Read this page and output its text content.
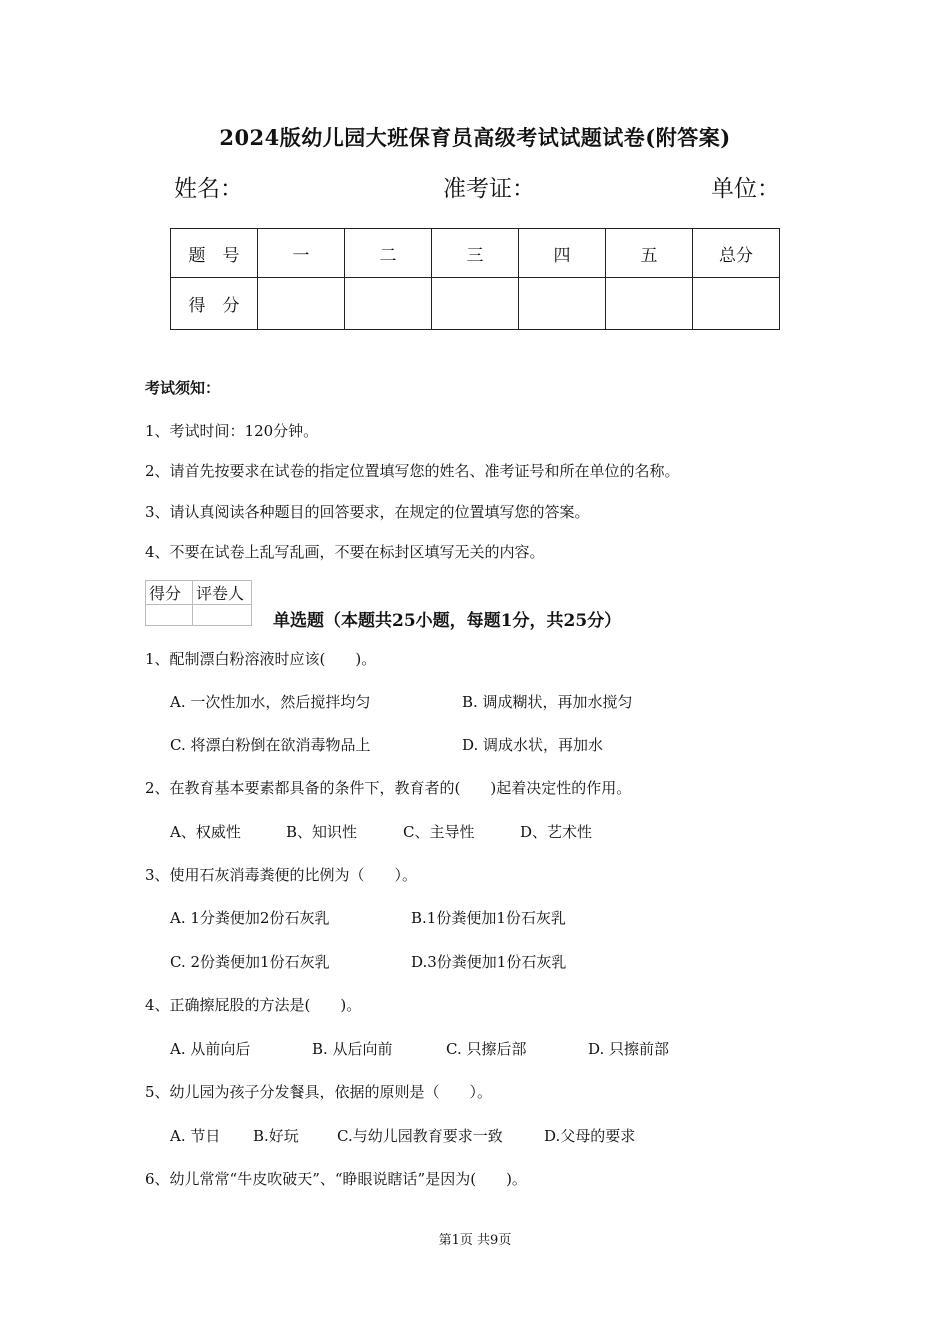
2024版幼儿园大班保育员高级考试试题试卷(附答案)
姓名：	准考证：	单位：
题　号	一	二	三	四	五	总分
得　分						
考试须知：
1、考试时间：120分钟。
2、请首先按要求在试卷的指定位置填写您的姓名、准考证号和所在单位的名称。
3、请认真阅读各种题目的回答要求，在规定的位置填写您的答案。
4、不要在试卷上乱写乱画，不要在标封区填写无关的内容。
得分	评卷人

单选题（本题共25小题，每题1分，共25分）
1、配制漂白粉溶液时应该(　　)。
A. 一次性加水，然后搅拌均匀	B. 调成糊状，再加水搅匀
C. 将漂白粉倒在欲消毒物品上	D. 调成水状，再加水
2、在教育基本要素都具备的条件下，教育者的(　　)起着决定性的作用。
A、权威性	B、知识性	C、主导性	D、艺术性
3、使用石灰消毒粪便的比例为（　　）。
A. 1分粪便加2份石灰乳	B.1份粪便加1份石灰乳
C. 2份粪便加1份石灰乳	D.3份粪便加1份石灰乳
4、正确擦屁股的方法是(　　)。
A. 从前向后	B. 从后向前	C. 只擦后部	D. 只擦前部
5、幼儿园为孩子分发餐具，依据的原则是（　　）。
A. 节日 B.好玩	C.与幼儿园教育要求一致	D.父母的要求
6、幼儿常常“牛皮吹破天”、“睁眼说瞎话”是因为(　　)。
第1页 共9页
